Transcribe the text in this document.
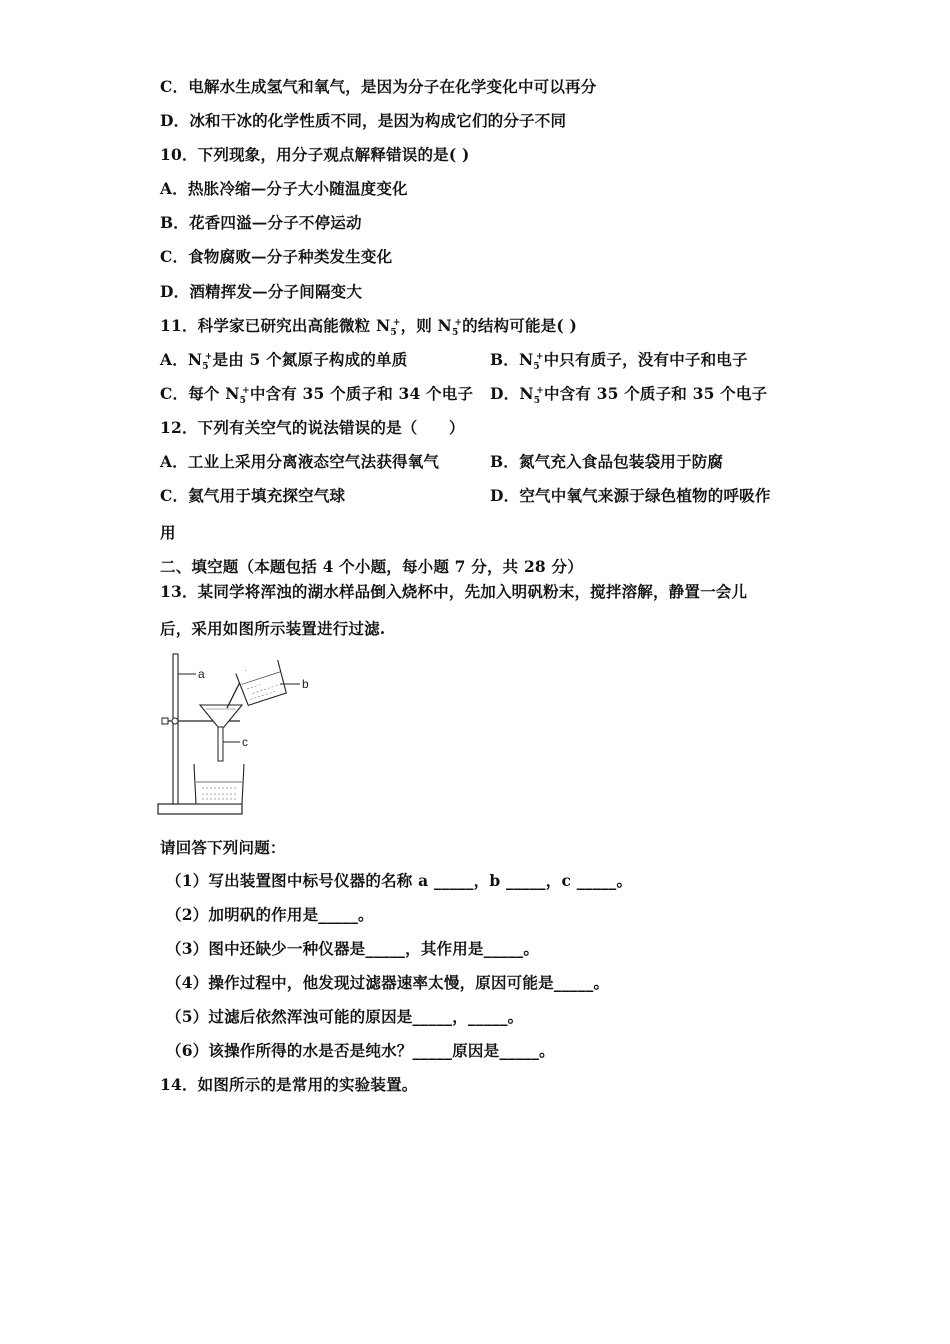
C．电解水生成氢气和氧气，是因为分子在化学变化中可以再分
D．冰和干冰的化学性质不同，是因为构成它们的分子不同
10．下列现象，用分子观点解释错误的是( )
A．热胀冷缩—分子大小随温度变化
B．花香四溢—分子不停运动
C．食物腐败—分子种类发生变化
D．酒精挥发—分子间隔变大
11．科学家已研究出高能微粒 $N_5^+$，则 $N_5^+$的结构可能是( )
A．$N_5^+$是由 5 个氮原子构成的单质	B．$N_5^+$中只有质子，没有中子和电子
C．每个 $N_5^+$中含有 35 个质子和 34 个电子 D．$N_5^+$中含有 35 个质子和 35 个电子
12．下列有关空气的说法错误的是（　　）
A．工业上采用分离液态空气法获得氧气	B．氮气充入食品包装袋用于防腐
C．氦气用于填充探空气球	D．空气中氧气来源于绿色植物的呼吸作
用
二、填空题（本题包括 4 个小题，每小题 7 分，共 28 分）
13．某同学将浑浊的湖水样品倒入烧杯中，先加入明矾粉末，搅拌溶解，静置一会儿
后，采用如图所示装置进行过滤.
a
c
b
请回答下列问题：
（1）写出装置图中标号仪器的名称 a _____，b _____，c _____。
（2）加明矾的作用是_____。
（3）图中还缺少一种仪器是_____，其作用是_____。
（4）操作过程中，他发现过滤器速率太慢，原因可能是_____。
（5）过滤后依然浑浊可能的原因是_____，_____。
（6）该操作所得的水是否是纯水？_____原因是_____。
14．如图所示的是常用的实验装置。
